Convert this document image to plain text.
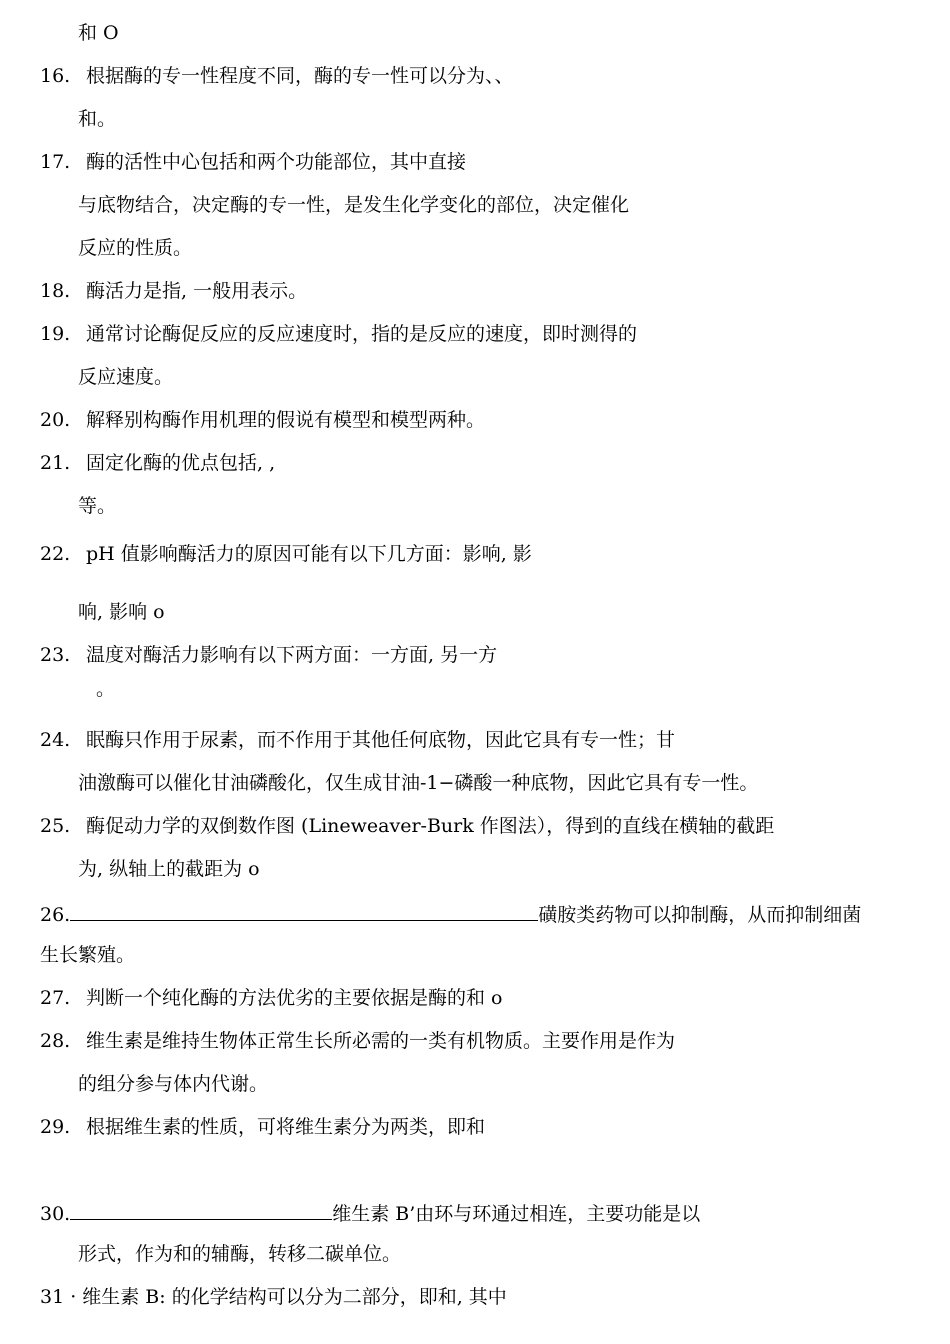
和 O
16. 根据酶的专一性程度不同，酶的专一性可以分为、、
和。
17. 酶的活性中心包括和两个功能部位，其中直接
与底物结合，决定酶的专一性，是发生化学变化的部位，决定催化
反应的性质。
18. 酶活力是指, 一般用表示。
19. 通常讨论酶促反应的反应速度时，指的是反应的速度，即时测得的
反应速度。
20. 解释别构酶作用机理的假说有模型和模型两种。
21. 固定化酶的优点包括, ,
等。
22. pH 值影响酶活力的原因可能有以下几方面：影响, 影
响, 影响 o
23. 温度对酶活力影响有以下两方面：一方面, 另一方
。
24. 眠酶只作用于尿素，而不作用于其他任何底物，因此它具有专一性；甘
油激酶可以催化甘油磷酸化，仅生成甘油-1−磷酸一种底物，因此它具有专一性。
25. 酶促动力学的双倒数作图 (Lineweaver-Burk 作图法），得到的直线在横轴的截距
为, 纵轴上的截距为 o
26.	磺胺类药物可以抑制酶，从而抑制细菌
生长繁殖。
27. 判断一个纯化酶的方法优劣的主要依据是酶的和 o
28. 维生素是维持生物体正常生长所必需的一类有机物质。主要作用是作为
的组分参与体内代谢。
29. 根据维生素的性质，可将维生素分为两类，即和
30.	维生素 B’由环与环通过相连，主要功能是以
形式，作为和的辅酶，转移二碳单位。
31 · 维生素 B: 的化学结构可以分为二部分，即和, 其中
